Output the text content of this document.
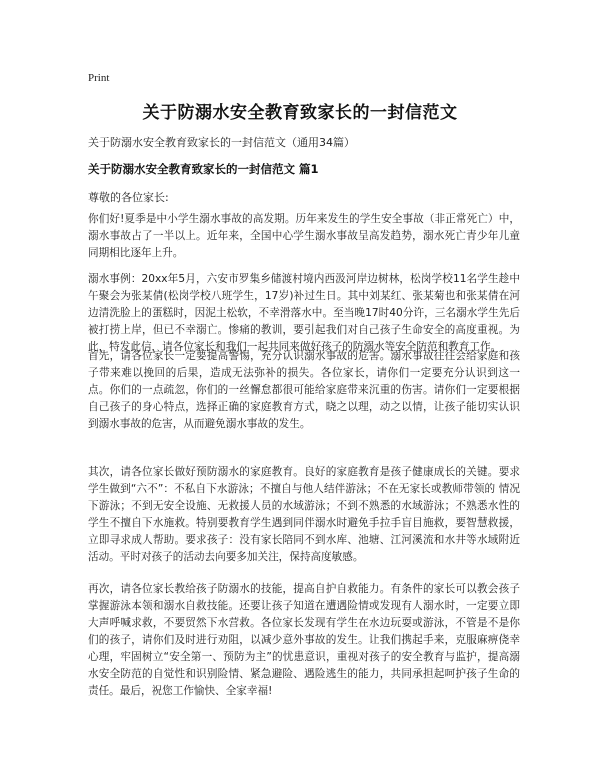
Print
关于防溺水安全教育致家长的一封信范文
关于防溺水安全教育致家长的一封信范文（通用34篇）
关于防溺水安全教育致家长的一封信范文 篇1
尊敬的各位家长:

你们好!夏季是中小学生溺水事故的高发期。历年来发生的学生安全事故（非正常死亡）中，溺水事故占了一半以上。近年来，全国中心学生溺水事故呈高发趋势，溺水死亡青少年儿童同期相比逐年上升。

溺水事例：20xx年5月，六安市罗集乡储渡村境内西汲河岸边树林，松岗学校11名学生趁中午聚会为张某倩(松岗学校八班学生，17岁)补过生日。其中刘某红、张某菊也和张某倩在河边清洗脸上的蛋糕时，因泥土松软，不幸滑落水中。至当晚17时40分许，三名溺水学生先后被打捞上岸，但已不幸溺亡。惨痛的教训，要引起我们对自己孩子生命安全的高度重视。为此，特发此信，请各位家长和我们一起共同来做好孩子的防溺水等安全防范和教育工作。

首先，请各位家长一定要提高警惕，充分认识溺水事故的危害。溺水事故往往会给家庭和孩子带来难以挽回的后果，造成无法弥补的损失。各位家长，请你们一定要充分认识到这一点。你们的一点疏忽，你们的一丝懈怠都很可能给家庭带来沉重的伤害。请你们一定要根据自己孩子的身心特点，选择正确的家庭教育方式，晓之以理，动之以情，让孩子能切实认识到溺水事故的危害，从而避免溺水事故的发生。

其次，请各位家长做好预防溺水的家庭教育。良好的家庭教育是孩子健康成长的关键。要求学生做到“六不”：不私自下水游泳；不擅自与他人结伴游泳；不在无家长或教师带领的 情况下游泳；不到无安全设施、无救援人员的水域游泳；不到不熟悉的水域游泳；不熟悉水性的学生不擅自下水施救。特别要教育学生遇到同伴溺水时避免手拉手盲目施救，要智慧救援，立即寻求成人帮助。要求孩子：没有家长陪同不到水库、池塘、江河溪流和水井等水域附近活动。平时对孩子的活动去向要多加关注，保持高度敏感。

再次，请各位家长教给孩子防溺水的技能，提高自护自救能力。有条件的家长可以教会孩子掌握游泳本领和溺水自救技能。还要让孩子知道在遭遇险情或发现有人溺水时，一定要立即大声呼喊求救，不要贸然下水营救。各位家长发现有学生在水边玩耍或游泳，不管是不是你们的孩子，请你们及时进行劝阻，以减少意外事故的发生。让我们携起手来，克服麻痹侥幸心理，牢固树立“安全第一、预防为主”的忧患意识，重视对孩子的安全教育与监护，提高溺水安全防范的自觉性和识别险情、紧急避险、遇险逃生的能力，共同承担起呵护孩子生命的责任。最后，祝您工作愉快、全家幸福!
